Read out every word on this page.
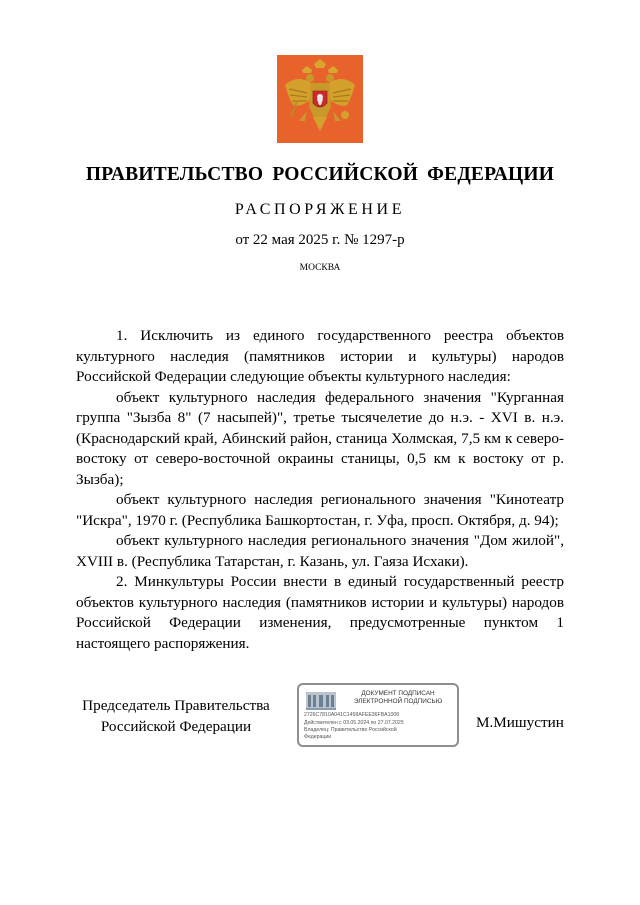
ПРАВИТЕЛЬСТВО РОССИЙСКОЙ ФЕДЕРАЦИИ
РАСПОРЯЖЕНИЕ
от 22 мая 2025 г. № 1297-р
МОСКВА

1. Исключить из единого государственного реестра объектов культурного наследия (памятников истории и культуры) народов Российской Федерации следующие объекты культурного наследия:

объект культурного наследия федерального значения "Курганная группа "Зызба 8" (7 насыпей)", третье тысячелетие до н.э. - XVI в. н.э. (Краснодарский край, Абинский район, станица Холмская, 7,5 км к северо-востоку от северо-восточной окраины станицы, 0,5 км к востоку от р. Зызба);

объект культурного наследия регионального значения "Кинотеатр "Искра", 1970 г. (Республика Башкортостан, г. Уфа, просп. Октября, д. 94);

объект культурного наследия регионального значения "Дом жилой", XVIII в. (Республика Татарстан, г. Казань, ул. Гаяза Исхаки).

2. Минкультуры России внести в единый государственный реестр объектов культурного наследия (памятников истории и культуры) народов Российской Федерации изменения, предусмотренные пунктом 1 настоящего распоряжения.

Председатель Правительства
Российской Федерации
ДОКУМЕНТ ПОДПИСАН
ЭЛЕКТРОННОЙ ПОДПИСЬЮ
2726C7810A041C1458AFEE36FBA1008
Действителен с 03.05.2024 по 27.07.2025
Владелец: Правительство Российской
Федерации
М.Мишустин
